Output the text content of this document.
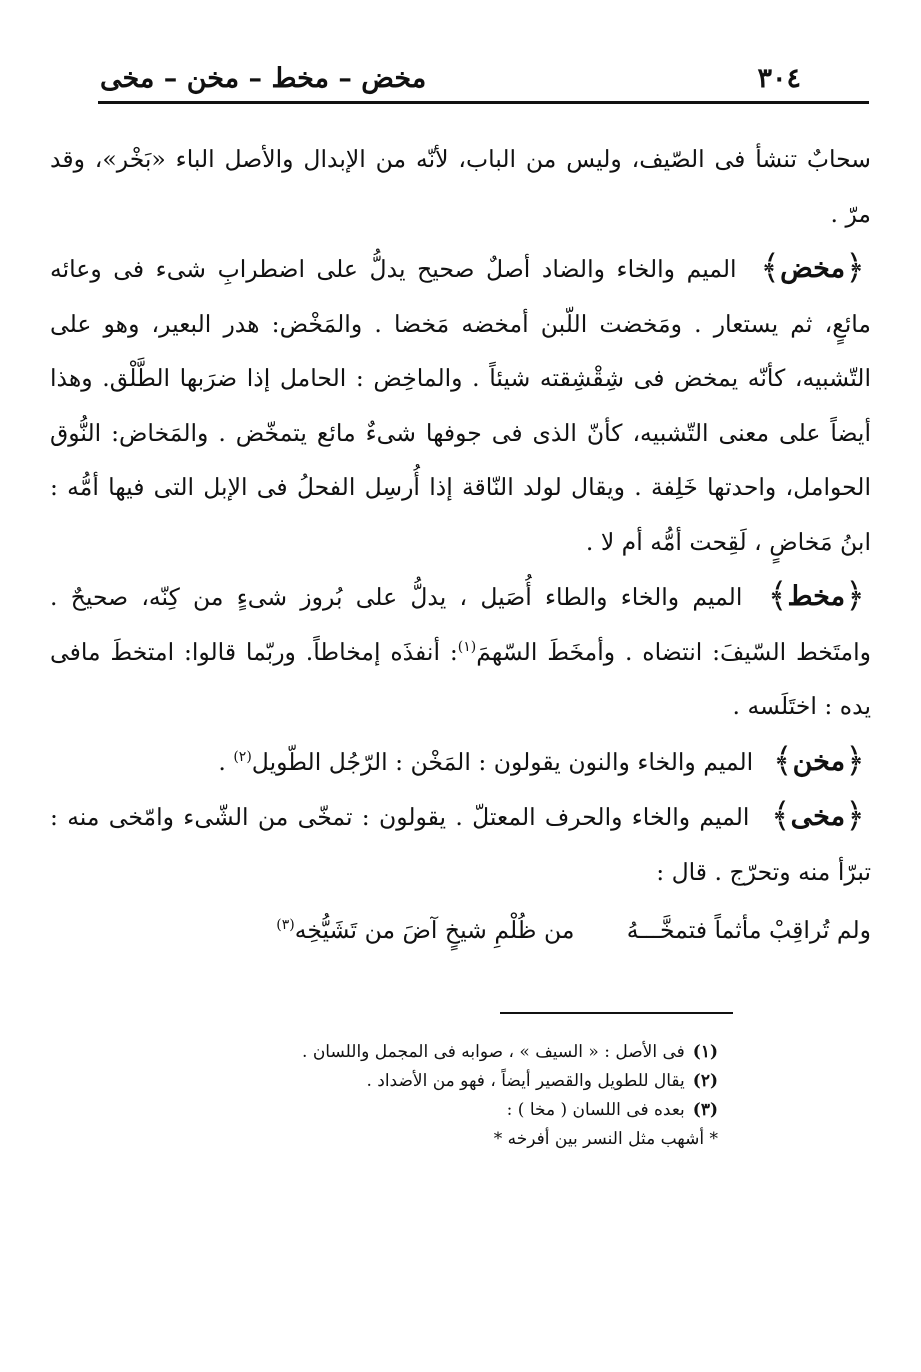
٣٠٤
مخض – مخط – مخن – مخى

سحابٌ تنشأ فى الصّيف، وليس من الباب، لأنّه من الإبدال والأصل الباء «بَخْر»، وقد مرّ .

﴿مخض﴾ الميم والخاء والضاد أصلٌ صحيح يدلُّ على اضطرابِ شىء فى وعائه مائعٍ، ثم يستعار . ومَخضت اللّبن أمخضه مَخضا . والمَخْض: هدر البعير، وهو على التّشبيه، كأنّه يمخض فى شِقْشِقته شيئاً . والماخِض : الحامل إذا ضرَبها الطَّلْق. وهذا أيضاً على معنى التّشبيه، كأنّ الذى فى جوفها شىءٌ مائع يتمخّض . والمَخاض: النُّوق الحوامل، واحدتها خَلِفة . ويقال لولد النّاقة إذا أُرسِل الفحلُ فى الإبل التى فيها أمُّه : ابنُ مَخاضٍ ، لَقِحت أمُّه أم لا .

﴿مخط﴾ الميم والخاء والطاء أُصَيل ، يدلُّ على بُروز شىءٍ من كِنّه، صحيحٌ . وامتَخط السّيفَ: انتضاه . وأمخَطَ السّهمَ$^{(١)}$: أنفذَه إمخاطاً. وربّما قالوا: امتخطَ مافى يده : اختَلَسه .

﴿مخن﴾ الميم والخاء والنون يقولون : المَخْن : الرّجُل الطّويل$^{(٢)}$ .

﴿مخى﴾ الميم والخاء والحرف المعتلّ . يقولون : تمخّى من الشّىء وامّخى منه : تبرّأ منه وتحرّج . قال :

ولم تُراقِبْ مأثماً فتمخَّـــهُ       من ظُلْمِ شيخٍ آضَ من تَشَيُّخِه$^{(٣)}$

(١)فى الأصل : « السيف » ، صوابه فى المجمل واللسان .

(٢)يقال للطويل والقصير أيضاً ، فهو من الأضداد .

(٣)بعده فى اللسان ( مخا ) :

* أشهب مثل النسر بين أفرخه *
